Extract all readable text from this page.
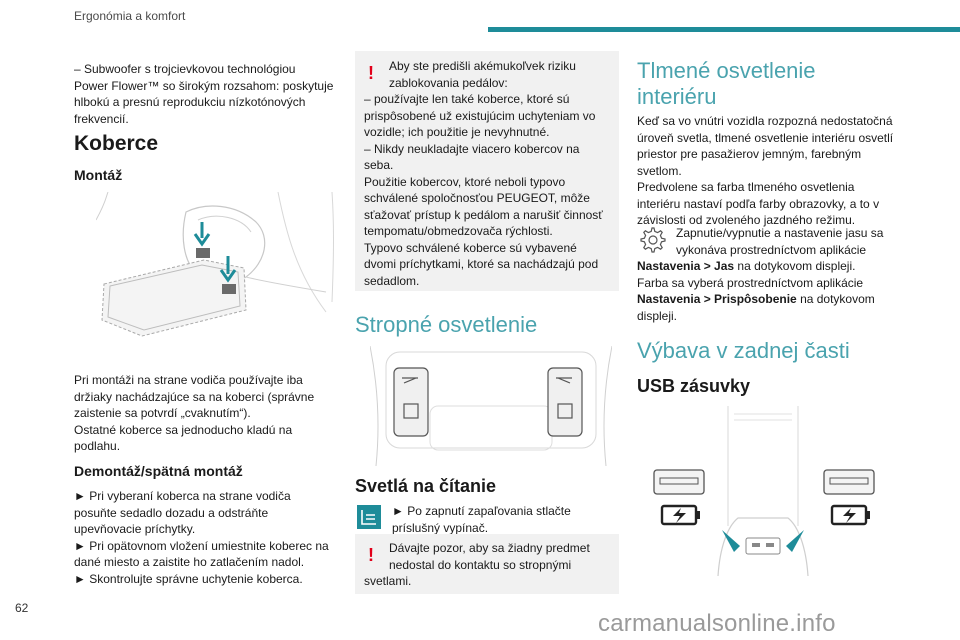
Ergonómia a komfort

– Subwoofer s trojcievkovou technológiou

Power Flower™ so širokým rozsahom: poskytuje

hlbokú a presnú reprodukciu nízkotónových

frekvencií.

Koberce
Montáž

Pri montáži na strane vodiča používajte iba

držiaky nachádzajúce sa na koberci (správne

zaistenie sa potvrdí „cvaknutím“).

Ostatné koberce sa jednoducho kladú na

podlahu.

Demontáž/spätná montáž

► Pri vyberaní koberca na strane vodiča

posuňte sedadlo dozadu a odstráňte

upevňovacie príchytky.

► Pri opätovnom vložení umiestnite koberec na

dané miesto a zaistite ho zatlačením nadol.

► Skontrolujte správne uchytenie koberca.

! Aby ste predišli akémukoľvek riziku

zablokovania pedálov:

– používajte len také koberce, ktoré sú

prispôsobené už existujúcim uchyteniam vo

vozidle; ich použitie je nevyhnutné.

– Nikdy neukladajte viacero kobercov na

seba.

Použitie kobercov, ktoré neboli typovo

schválené spoločnosťou PEUGEOT, môže

sťažovať prístup k pedálom a narušiť činnosť

tempomatu/obmedzovača rýchlosti.

Typovo schválené koberce sú vybavené

dvomi príchytkami, ktoré sa nachádzajú pod

sedadlom.

Stropné osvetlenie
Svetlá na čítanie

► Po zapnutí zapaľovania stlačte

príslušný vypínač.

! Dávajte pozor, aby sa žiadny predmet

nedostal do kontaktu so stropnými

svetlami.
Tlmené osvetlenie
interiéru

Keď sa vo vnútri vozidla rozpozná nedostatočná

úroveň svetla, tlmené osvetlenie interiéru osvetlí

priestor pre pasažierov jemným, farebným

svetlom.

Predvolene sa farba tlmeného osvetlenia

interiéru nastaví podľa farby obrazovky, a to v

závislosti od zvoleného jazdného režimu.

Zapnutie/vypnutie a nastavenie jasu sa

vykonáva prostredníctvom aplikácie

Nastavenia > Jas na dotykovom displeji.

Farba sa vyberá prostredníctvom aplikácie

Nastavenia > Prispôsobenie na dotykovom

displeji.

Výbava v zadnej časti
USB zásuvky
62
carmanualsonline.info
